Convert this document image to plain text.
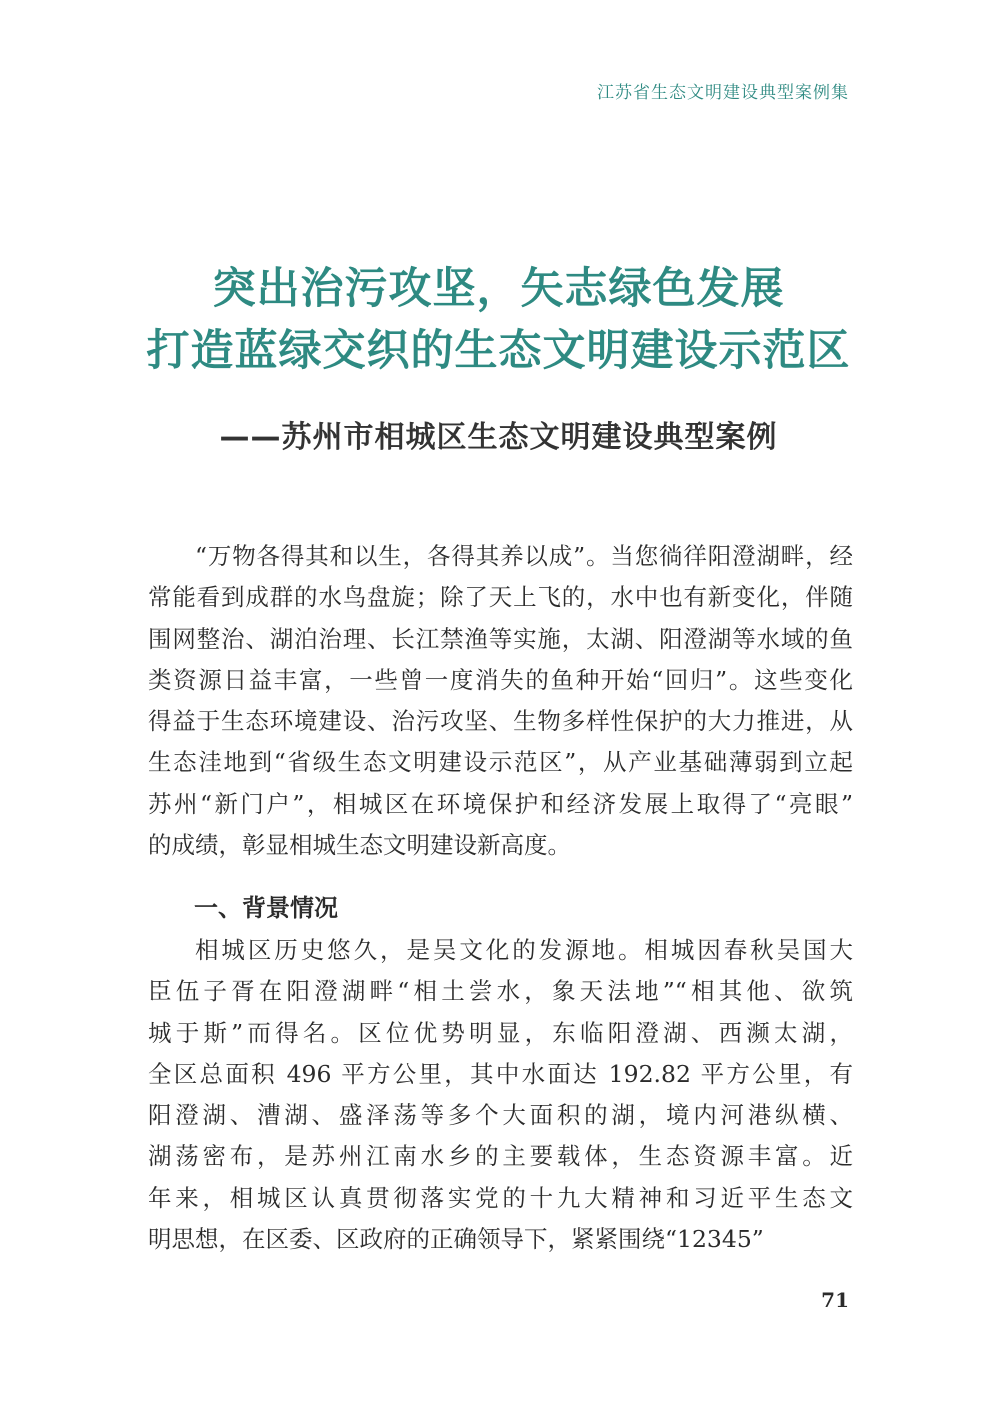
江苏省生态文明建设典型案例集
突出治污攻坚，矢志绿色发展
打造蓝绿交织的生态文明建设示范区
——苏州市相城区生态文明建设典型案例
“万物各得其和以生，各得其养以成”。当您徜徉阳澄湖畔，经
常能看到成群的水鸟盘旋；除了天上飞的，水中也有新变化，伴随
围网整治、湖泊治理、长江禁渔等实施，太湖、阳澄湖等水域的鱼
类资源日益丰富，一些曾一度消失的鱼种开始“回归”。这些变化
得益于生态环境建设、治污攻坚、生物多样性保护的大力推进，从
生态洼地到“省级生态文明建设示范区”，从产业基础薄弱到立起
苏州“新门户”，相城区在环境保护和经济发展上取得了“亮眼”
的成绩，彰显相城生态文明建设新高度。
一、背景情况
相城区历史悠久，是吴文化的发源地。相城因春秋吴国大
臣伍子胥在阳澄湖畔“相土尝水，象天法地”“相其他、欲筑
城于斯”而得名。区位优势明显，东临阳澄湖、西濒太湖，
全区总面积 496 平方公里，其中水面达 192.82 平方公里，有
阳澄湖、漕湖、盛泽荡等多个大面积的湖，境内河港纵横、
湖荡密布，是苏州江南水乡的主要载体，生态资源丰富。近
年来，相城区认真贯彻落实党的十九大精神和习近平生态文
明思想，在区委、区政府的正确领导下，紧紧围绕“12345”
71
